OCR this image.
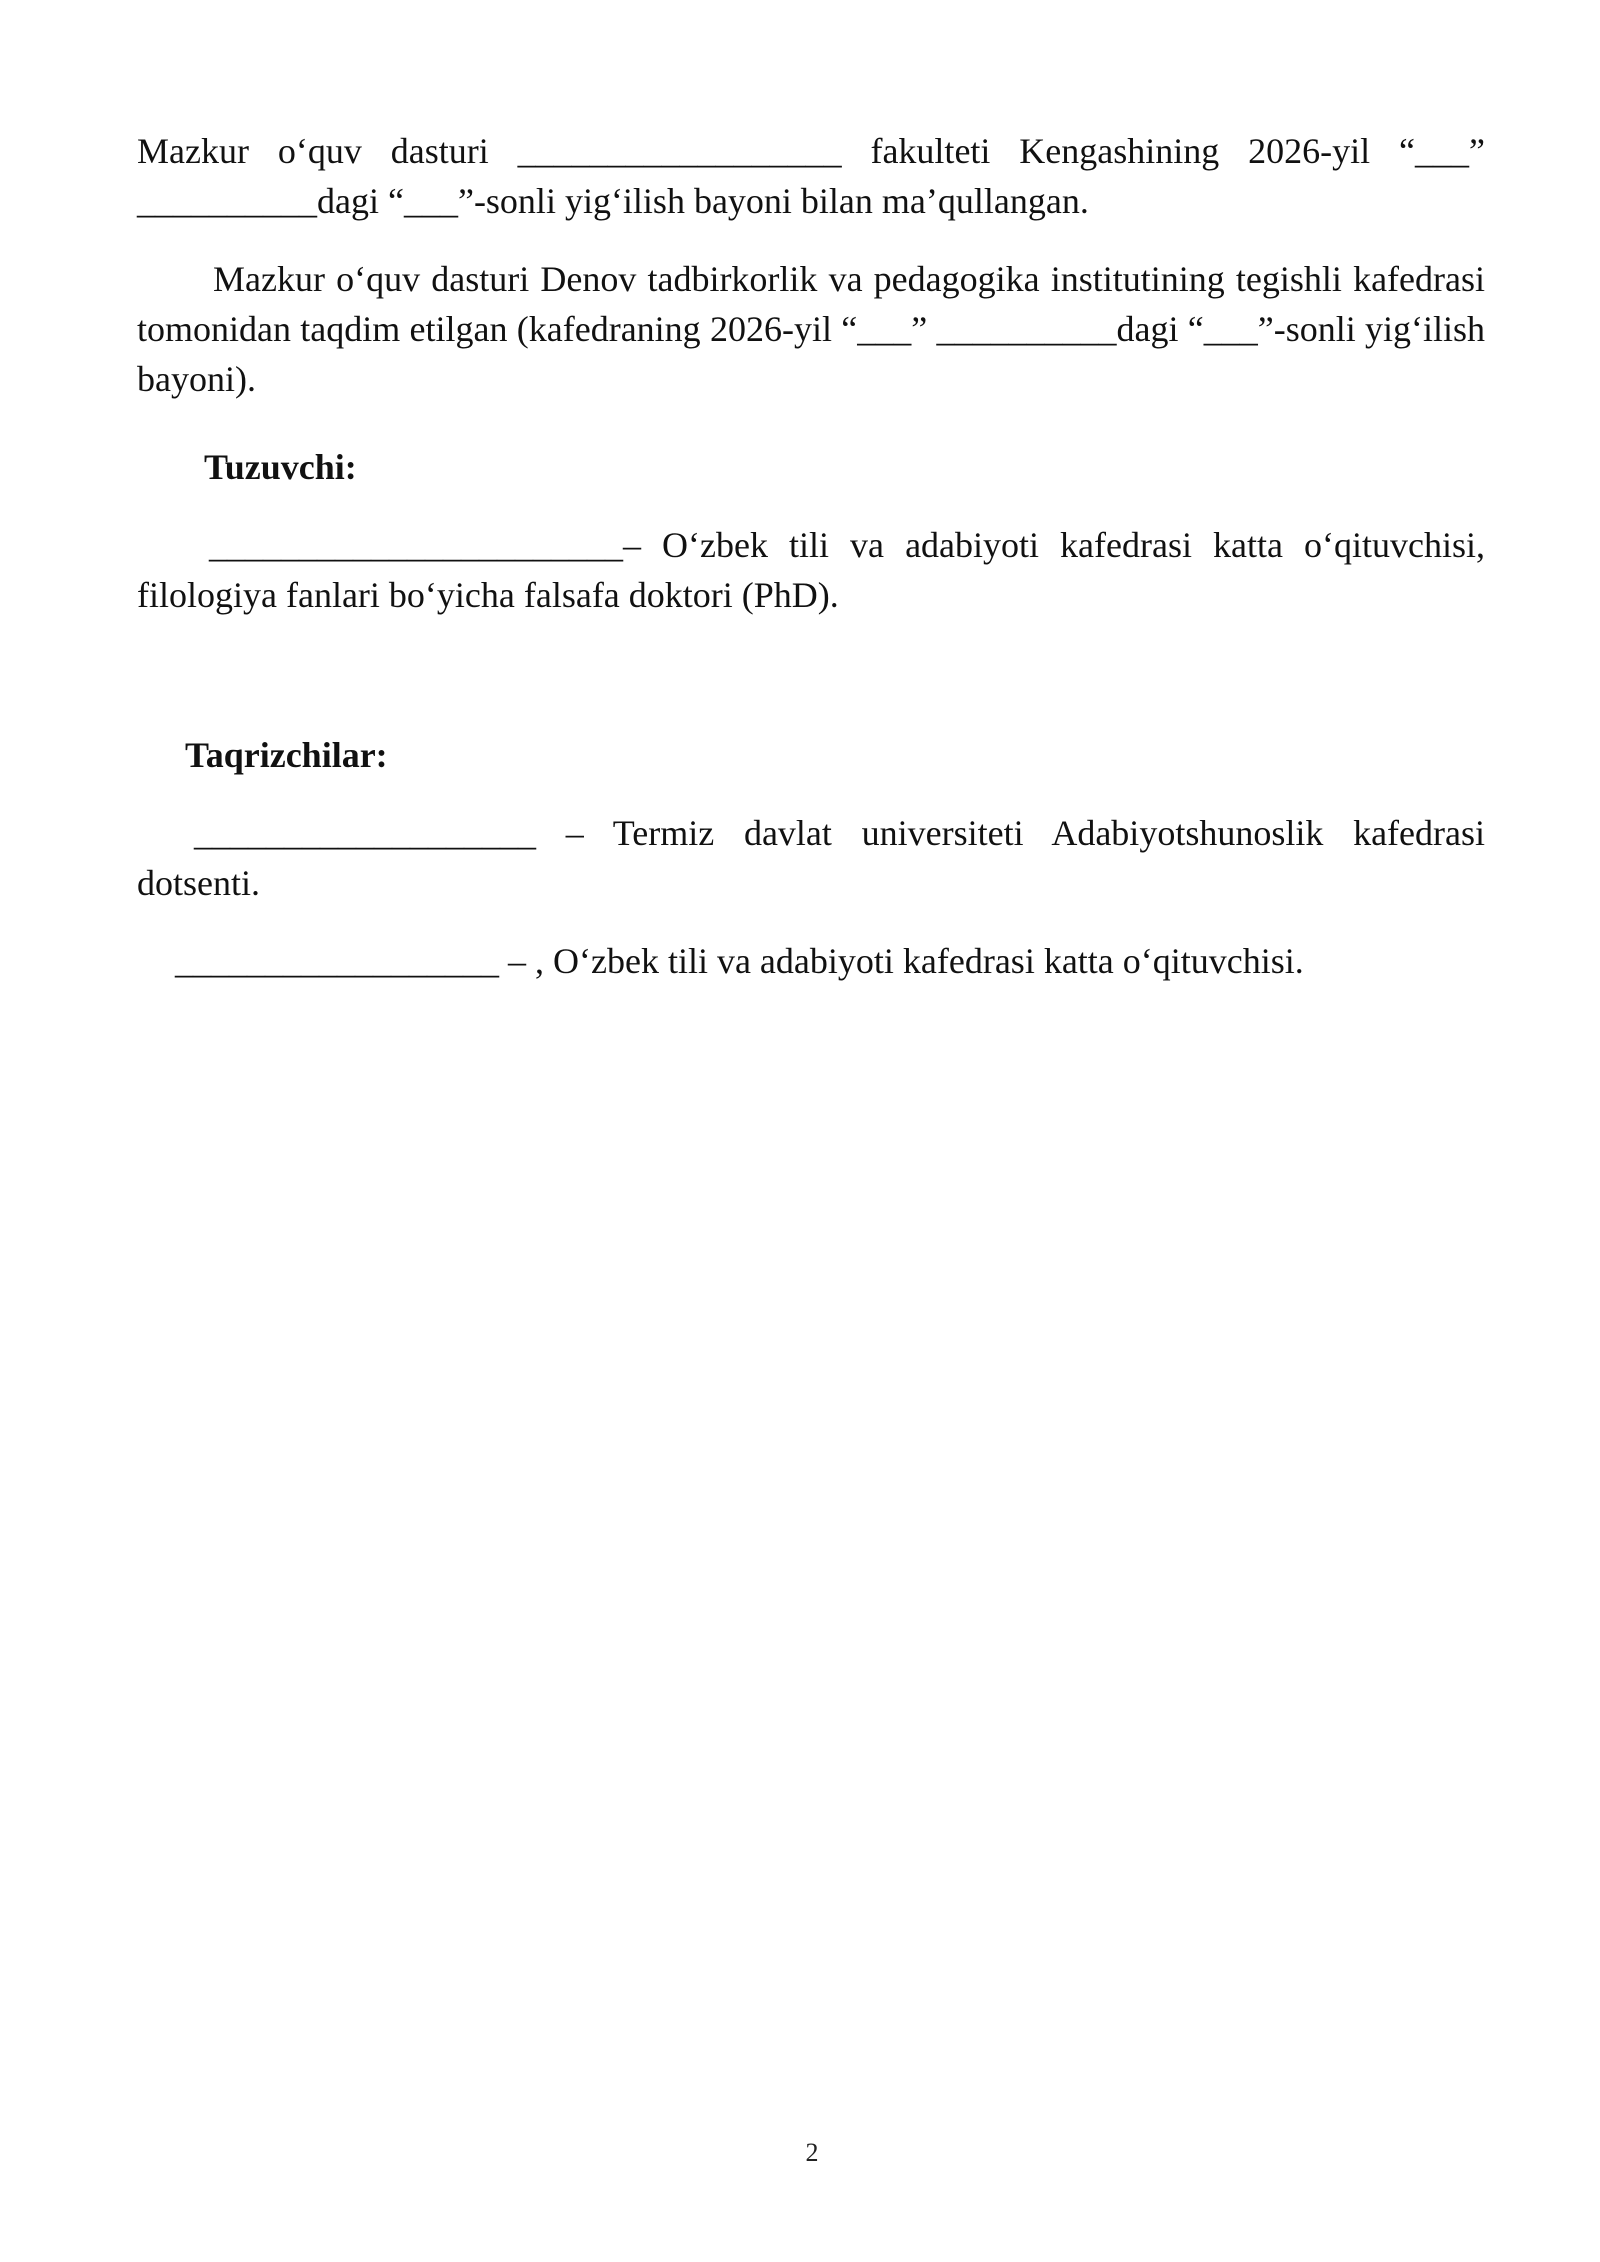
Mazkur o‘quv dasturi __________________ fakulteti Kengashining 2026-yil “___” __________dagi “___”-sonli yig‘ilish bayoni bilan ma’qullangan.

Mazkur o‘quv dasturi Denov tadbirkorlik va pedagogika institutining tegishli kafedrasi tomonidan taqdim etilgan (kafedraning 2026-yil “___” __________dagi “___”-sonli yig‘ilish bayoni).

Tuzuvchi:

_______________________– O‘zbek tili va adabiyoti kafedrasi katta o‘qituvchisi, filologiya fanlari bo‘yicha falsafa doktori (PhD).

Taqrizchilar:

___________________ – Termiz davlat universiteti Adabiyotshunoslik kafedrasi dotsenti.

__________________ – , O‘zbek tili va adabiyoti kafedrasi katta o‘qituvchisi.

2
